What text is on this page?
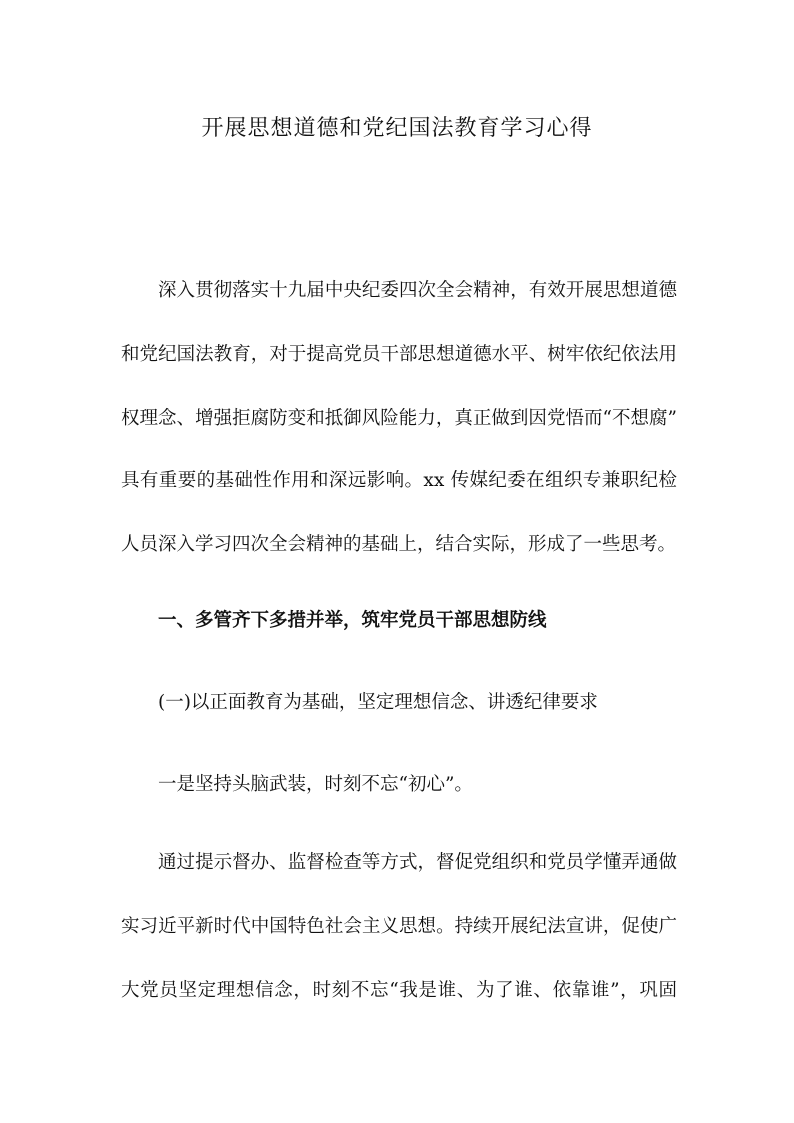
开展思想道德和党纪国法教育学习心得
深入贯彻落实十九届中央纪委四次全会精神，有效开展思想道德
和党纪国法教育，对于提高党员干部思想道德水平、树牢依纪依法用
权理念、增强拒腐防变和抵御风险能力，真正做到因党悟而“不想腐”
具有重要的基础性作用和深远影响。xx 传媒纪委在组织专兼职纪检
人员深入学习四次全会精神的基础上，结合实际，形成了一些思考。
一、多管齐下多措并举，筑牢党员干部思想防线
(一)以正面教育为基础，坚定理想信念、讲透纪律要求
一是坚持头脑武装，时刻不忘“初心”。
通过提示督办、监督检查等方式，督促党组织和党员学懂弄通做
实习近平新时代中国特色社会主义思想。持续开展纪法宣讲，促使广
大党员坚定理想信念，时刻不忘“我是谁、为了谁、依靠谁”，巩固
